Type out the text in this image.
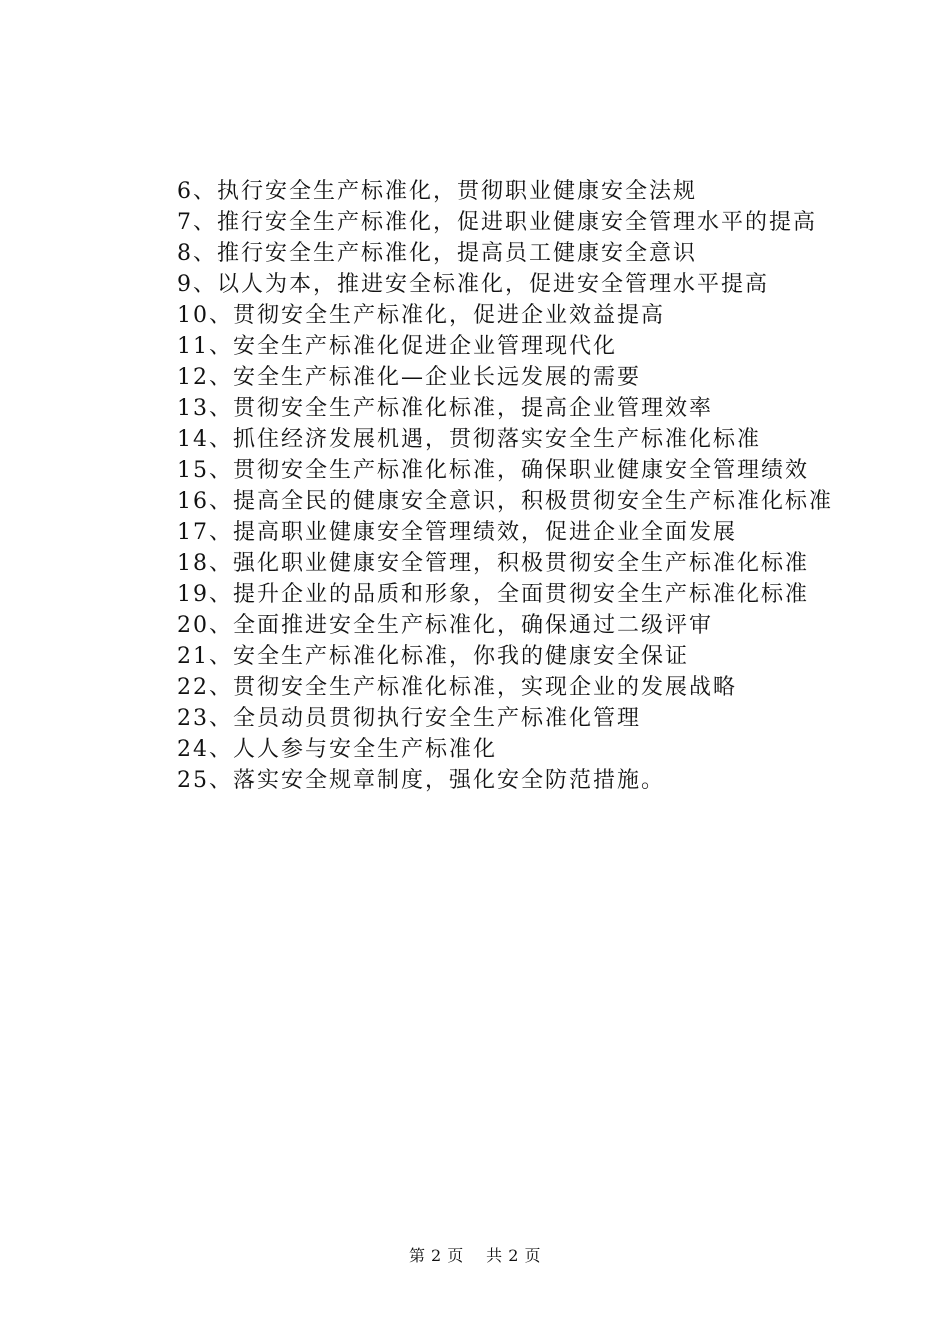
6、执行安全生产标准化，贯彻职业健康安全法规

7、推行安全生产标准化，促进职业健康安全管理水平的提高

8、推行安全生产标准化，提高员工健康安全意识

9、以人为本，推进安全标准化，促进安全管理水平提高

10、贯彻安全生产标准化，促进企业效益提高

11、安全生产标准化促进企业管理现代化

12、安全生产标准化—企业长远发展的需要

13、贯彻安全生产标准化标准，提高企业管理效率

14、抓住经济发展机遇，贯彻落实安全生产标准化标准

15、贯彻安全生产标准化标准，确保职业健康安全管理绩效

16、提高全民的健康安全意识，积极贯彻安全生产标准化标准

17、提高职业健康安全管理绩效，促进企业全面发展

18、强化职业健康安全管理，积极贯彻安全生产标准化标准

19、提升企业的品质和形象，全面贯彻安全生产标准化标准

20、全面推进安全生产标准化，确保通过二级评审

21、安全生产标准化标准，你我的健康安全保证

22、贯彻安全生产标准化标准，实现企业的发展战略

23、全员动员贯彻执行安全生产标准化管理

24、人人参与安全生产标准化

25、落实安全规章制度，强化安全防范措施。

第 2 页 共 2 页
